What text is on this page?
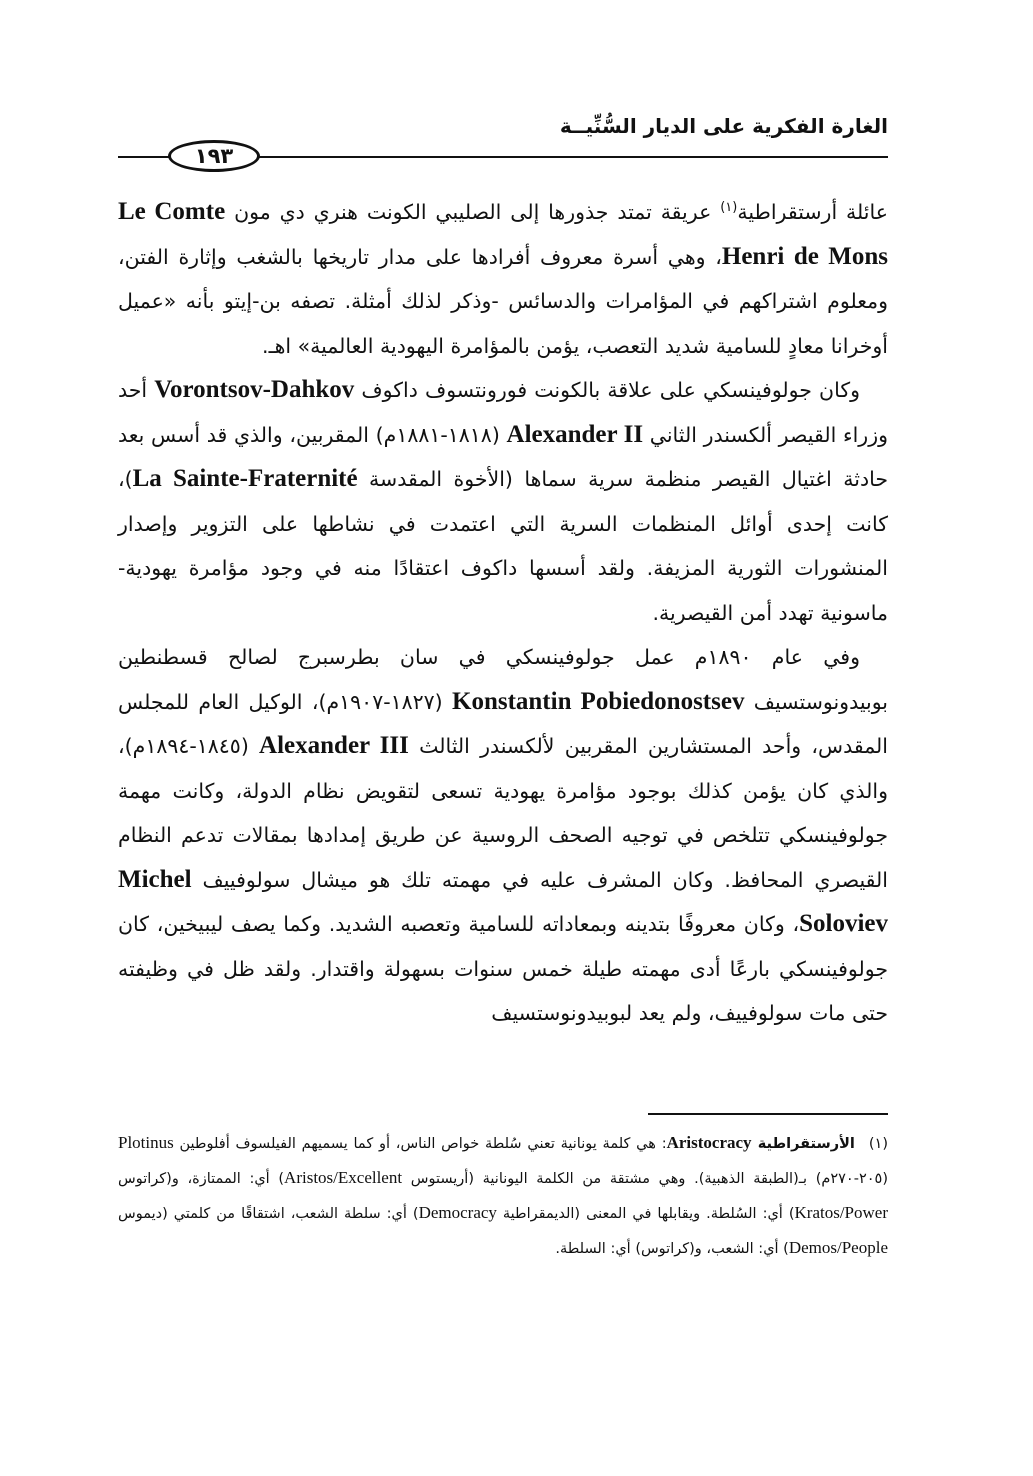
الغارة الفكرية على الديار السُّنِّيــة
١٩٣

عائلة أرستقراطية$^{(١)}$ عريقة تمتد جذورها إلى الصليبي الكونت هنري دي مون Le Comte Henri de Mons، وهي أسرة معروف أفرادها على مدار تاريخها بالشغب وإثارة الفتن، ومعلوم اشتراكهم في المؤامرات والدسائس -وذكر لذلك أمثلة. تصفه بن-إيتو بأنه «عميل أوخرانا معادٍ للسامية شديد التعصب، يؤمن بالمؤامرة اليهودية العالمية» اهـ.

وكان جولوفينسكي على علاقة بالكونت فورونتسوف داكوف Vorontsov-Dahkov أحد وزراء القيصر ألكسندر الثاني Alexander II (١٨١٨-١٨٨١م) المقربين، والذي قد أسس بعد حادثة اغتيال القيصر منظمة سرية سماها (الأخوة المقدسة La Sainte-Fraternité)، كانت إحدى أوائل المنظمات السرية التي اعتمدت في نشاطها على التزوير وإصدار المنشورات الثورية المزيفة. ولقد أسسها داكوف اعتقادًا منه في وجود مؤامرة يهودية-ماسونية تهدد أمن القيصرية.

وفي عام ١٨٩٠م عمل جولوفينسكي في سان بطرسبرج لصالح قسطنطين بوبيدونوستسيف Konstantin Pobiedonostsev (١٨٢٧-١٩٠٧م)، الوكيل العام للمجلس المقدس، وأحد المستشارين المقربين لألكسندر الثالث Alexander III (١٨٤٥-١٨٩٤م)، والذي كان يؤمن كذلك بوجود مؤامرة يهودية تسعى لتقويض نظام الدولة، وكانت مهمة جولوفينسكي تتلخص في توجيه الصحف الروسية عن طريق إمدادها بمقالات تدعم النظام القيصري المحافظ. وكان المشرف عليه في مهمته تلك هو ميشال سولوفييف Michel Soloviev، وكان معروفًا بتدينه وبمعاداته للسامية وتعصبه الشديد. وكما يصف ليبيخين، كان جولوفينسكي بارعًا أدى مهمته طيلة خمس سنوات بسهولة واقتدار. ولقد ظل في وظيفته حتى مات سولوفييف، ولم يعد لبوبيدونوستسيف

(١)الأرستقراطية Aristocracy: هي كلمة يونانية تعني سُلطة خواص الناس، أو كما يسميهم الفيلسوف أفلوطين Plotinus (٢٠٥-٢٧٠م) بـ(الطبقة الذهبية). وهي مشتقة من الكلمة اليونانية (أريستوس Aristos/Excellent) أي: الممتازة، و(كراتوس Kratos/Power) أي: السُلطة. ويقابلها في المعنى (الديمقراطية Democracy) أي: سلطة الشعب، اشتقاقًا من كلمتي (ديموس Demos/People) أي: الشعب، و(كراتوس) أي: السلطة.
